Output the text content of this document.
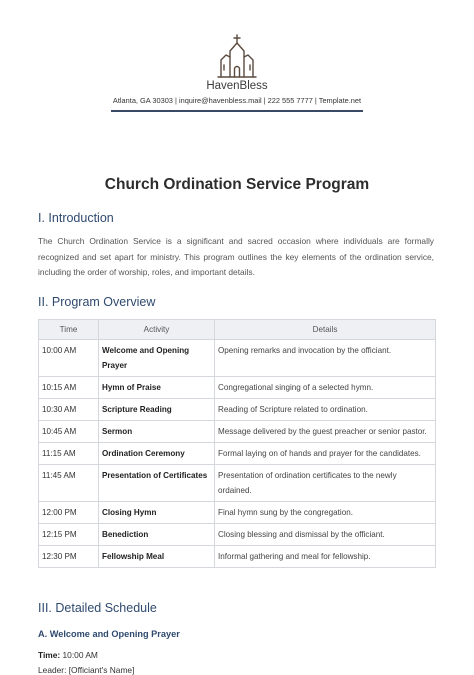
HavenBless
Atlanta, GA 30303 | inquire@havenbless.mail | 222 555 7777 | Template.net
Church Ordination Service Program
I. Introduction

The Church Ordination Service is a significant and sacred occasion where individuals are formally recognized and set apart for ministry. This program outlines the key elements of the ordination service, including the order of worship, roles, and important details.

II. Program Overview
Time	Activity	Details
10:00 AM	Welcome and Opening Prayer	Opening remarks and invocation by the officiant.
10:15 AM	Hymn of Praise	Congregational singing of a selected hymn.
10:30 AM	Scripture Reading	Reading of Scripture related to ordination.
10:45 AM	Sermon	Message delivered by the guest preacher or senior pastor.
11:15 AM	Ordination Ceremony	Formal laying on of hands and prayer for the candidates.
11:45 AM	Presentation of Certificates	Presentation of ordination certificates to the newly ordained.
12:00 PM	Closing Hymn	Final hymn sung by the congregation.
12:15 PM	Benediction	Closing blessing and dismissal by the officiant.
12:30 PM	Fellowship Meal	Informal gathering and meal for fellowship.
III. Detailed Schedule
A. Welcome and Opening Prayer
Time: 10:00 AM
Leader: [Officiant's Name]
